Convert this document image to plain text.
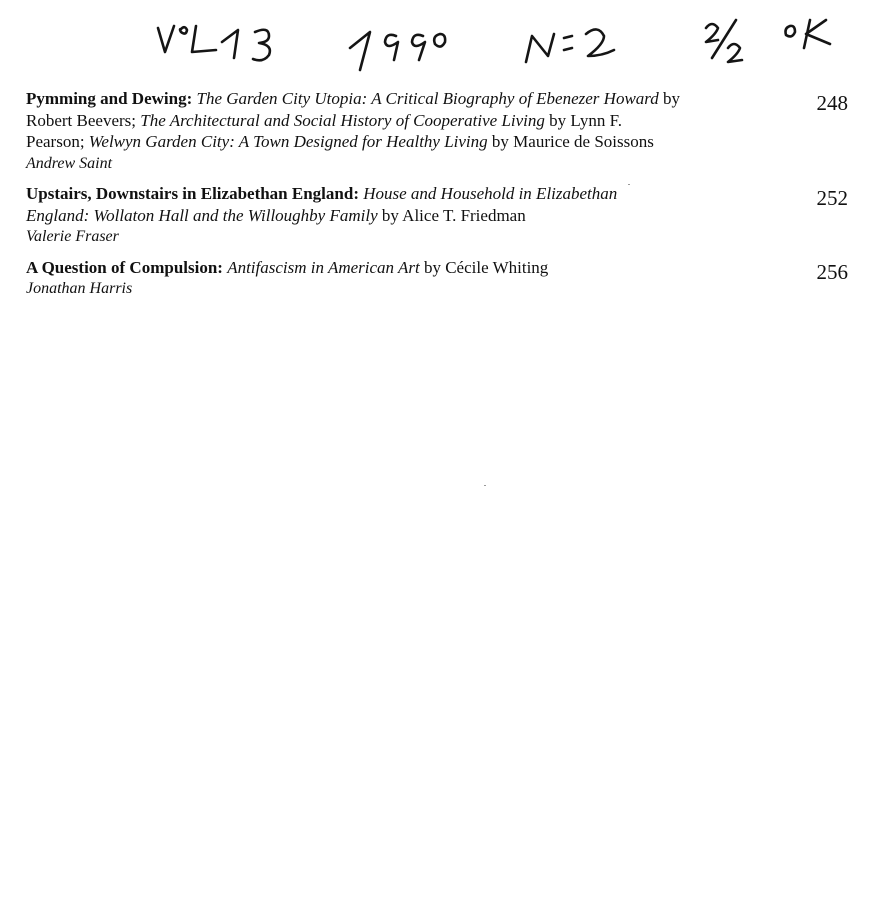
Pymming and Dewing: The Garden City Utopia: A Critical Biography of Ebenezer Howard by Robert Beevers; The Architectural and Social History of Cooperative Living by Lynn F. Pearson; Welwyn Garden City: A Town Designed for Healthy Living by Maurice de Soissons
Andrew Saint
248
Upstairs, Downstairs in Elizabethan England: House and Household in Elizabethan England: Wollaton Hall and the Willoughby Family by Alice T. Friedman
Valerie Fraser
252
A Question of Compulsion: Antifascism in American Art by Cécile Whiting
Jonathan Harris
256
